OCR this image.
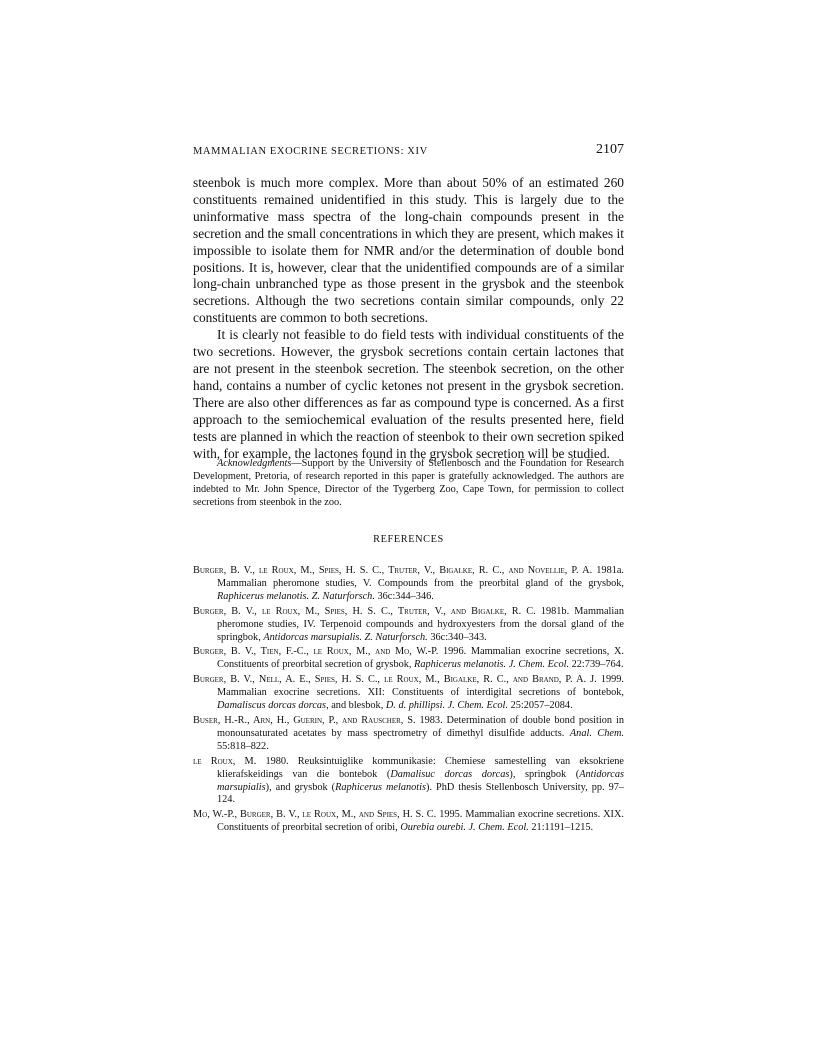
MAMMALIAN EXOCRINE SECRETIONS: XIV	2107

steenbok is much more complex. More than about 50% of an estimated 260 constituents remained unidentified in this study. This is largely due to the uninformative mass spectra of the long-chain compounds present in the secretion and the small concentrations in which they are present, which makes it impossible to isolate them for NMR and/or the determination of double bond positions. It is, however, clear that the unidentified compounds are of a similar long-chain unbranched type as those present in the grysbok and the steenbok secretions. Although the two secretions contain similar compounds, only 22 constituents are common to both secretions.

It is clearly not feasible to do field tests with individual constituents of the two secretions. However, the grysbok secretions contain certain lactones that are not present in the steenbok secretion. The steenbok secretion, on the other hand, contains a number of cyclic ketones not present in the grysbok secretion. There are also other differences as far as compound type is concerned. As a first approach to the semiochemical evaluation of the results presented here, field tests are planned in which the reaction of steenbok to their own secretion spiked with, for example, the lactones found in the grysbok secretion will be studied.

Acknowledgments—Support by the University of Stellenbosch and the Foundation for Research Development, Pretoria, of research reported in this paper is gratefully acknowledged. The authors are indebted to Mr. John Spence, Director of the Tygerberg Zoo, Cape Town, for permission to collect secretions from steenbok in the zoo.
REFERENCES

Burger, B. V., le Roux, M., Spies, H. S. C., Truter, V., Bigalke, R. C., and Novellie, P. A. 1981a. Mammalian pheromone studies, V. Compounds from the preorbital gland of the grysbok, Raphicerus melanotis. Z. Naturforsch. 36c:344–346.

Burger, B. V., le Roux, M., Spies, H. S. C., Truter, V., and Bigalke, R. C. 1981b. Mammalian pheromone studies, IV. Terpenoid compounds and hydroxyesters from the dorsal gland of the springbok, Antidorcas marsupialis. Z. Naturforsch. 36c:340–343.

Burger, B. V., Tien, F.-C., le Roux, M., and Mo, W.-P. 1996. Mammalian exocrine secretions, X. Constituents of preorbital secretion of grysbok, Raphicerus melanotis. J. Chem. Ecol. 22:739–764.

Burger, B. V., Nell, A. E., Spies, H. S. C., le Roux, M., Bigalke, R. C., and Brand, P. A. J. 1999. Mammalian exocrine secretions. XII: Constituents of interdigital secretions of bontebok, Damaliscus dorcas dorcas, and blesbok, D. d. phillipsi. J. Chem. Ecol. 25:2057–2084.

Buser, H.-R., Arn, H., Guerin, P., and Rauscher, S. 1983. Determination of double bond position in monounsaturated acetates by mass spectrometry of dimethyl disulfide adducts. Anal. Chem. 55:818–822.

le Roux, M. 1980. Reuksintuiglike kommunikasie: Chemiese samestelling van eksokriene klierafskeidings van die bontebok (Damalisuc dorcas dorcas), springbok (Antidorcas marsupialis), and grysbok (Raphicerus melanotis). PhD thesis Stellenbosch University, pp. 97–124.

Mo, W.-P., Burger, B. V., le Roux, M., and Spies, H. S. C. 1995. Mammalian exocrine secretions. XIX. Constituents of preorbital secretion of oribi, Ourebia ourebi. J. Chem. Ecol. 21:1191–1215.
